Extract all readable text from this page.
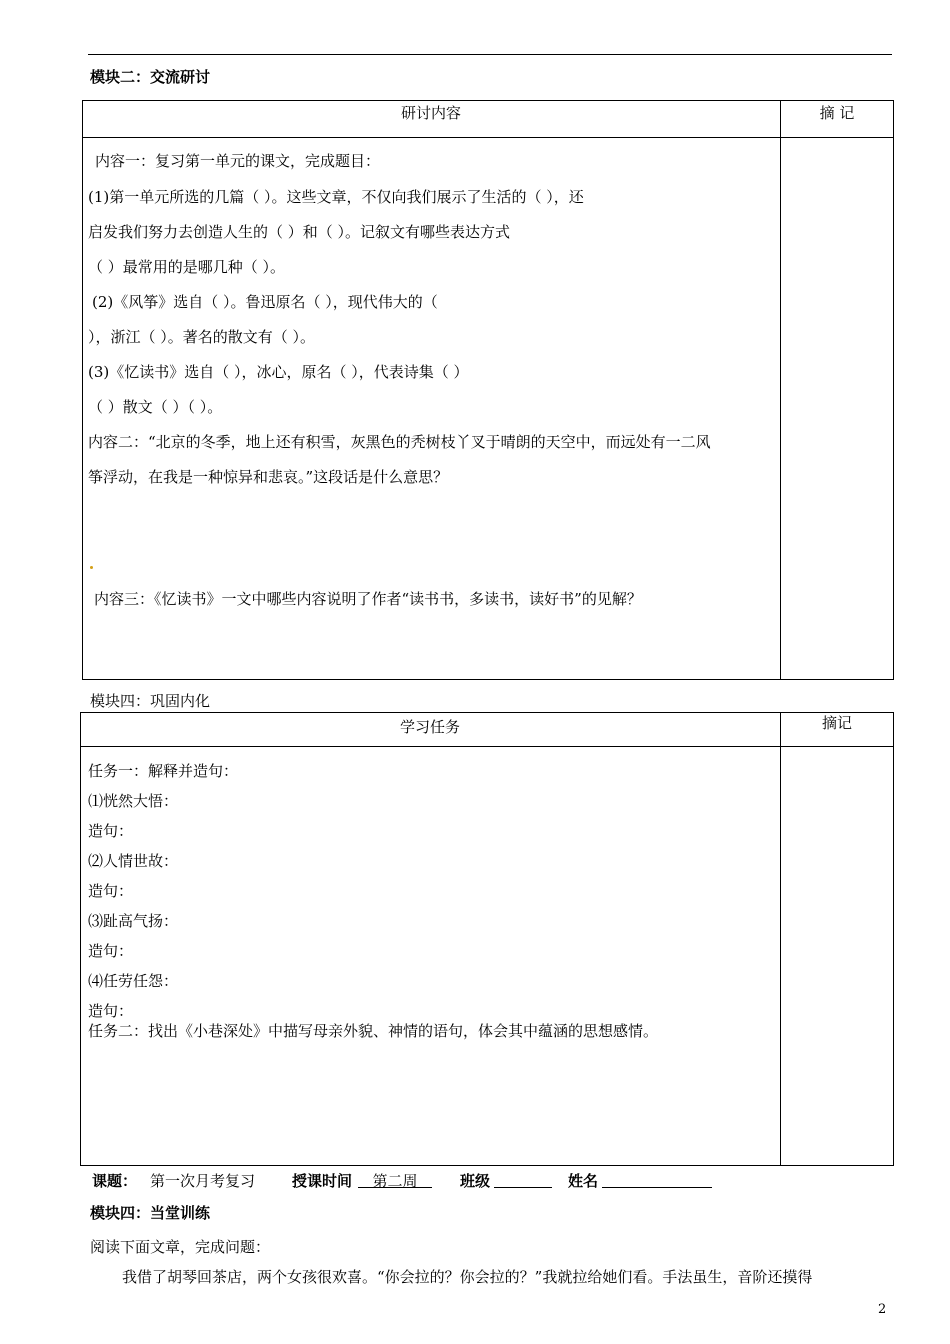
模块二：交流研讨
研讨内容	摘 记
内容一：复习第一单元的课文，完成题目：
(1)第一单元所选的几篇（ ）。这些文章，不仅向我们展示了生活的（ ），还
启发我们努力去创造人生的（ ）和（ ）。记叙文有哪些表达方式
（ ）最常用的是哪几种（ ）。
(2)《风筝》选自（ ）。鲁迅原名（ ），现代伟大的（
），浙江（ ）。著名的散文有（ ）。
(3)《忆读书》选自（ ），冰心，原名（ ），代表诗集（ ）
（ ）散文（ ）（ ）。
内容二：“北京的冬季，地上还有积雪，灰黑色的秃树枝丫叉于晴朗的天空中，而远处有一二风
筝浮动，在我是一种惊异和悲哀。”这段话是什么意思？
内容三：《忆读书》一文中哪些内容说明了作者“读书书，多读书，读好书”的见解？
模块四：巩固内化
学习任务	摘记
任务一：解释并造句：
⑴恍然大悟：
造句：
⑵人情世故：
造句：
⑶趾高气扬：
造句：
⑷任劳任怨：
造句：
任务二：找出《小巷深处》中描写母亲外貌、神情的语句，体会其中蕴涵的思想感情。
课题： 第一次月考复习 授课时间	第二周	班级	姓名
模块四：当堂训练
阅读下面文章，完成问题：
我借了胡琴回茶店，两个女孩很欢喜。“你会拉的？你会拉的？”我就拉给她们看。手法虽生，音阶还摸得
2
